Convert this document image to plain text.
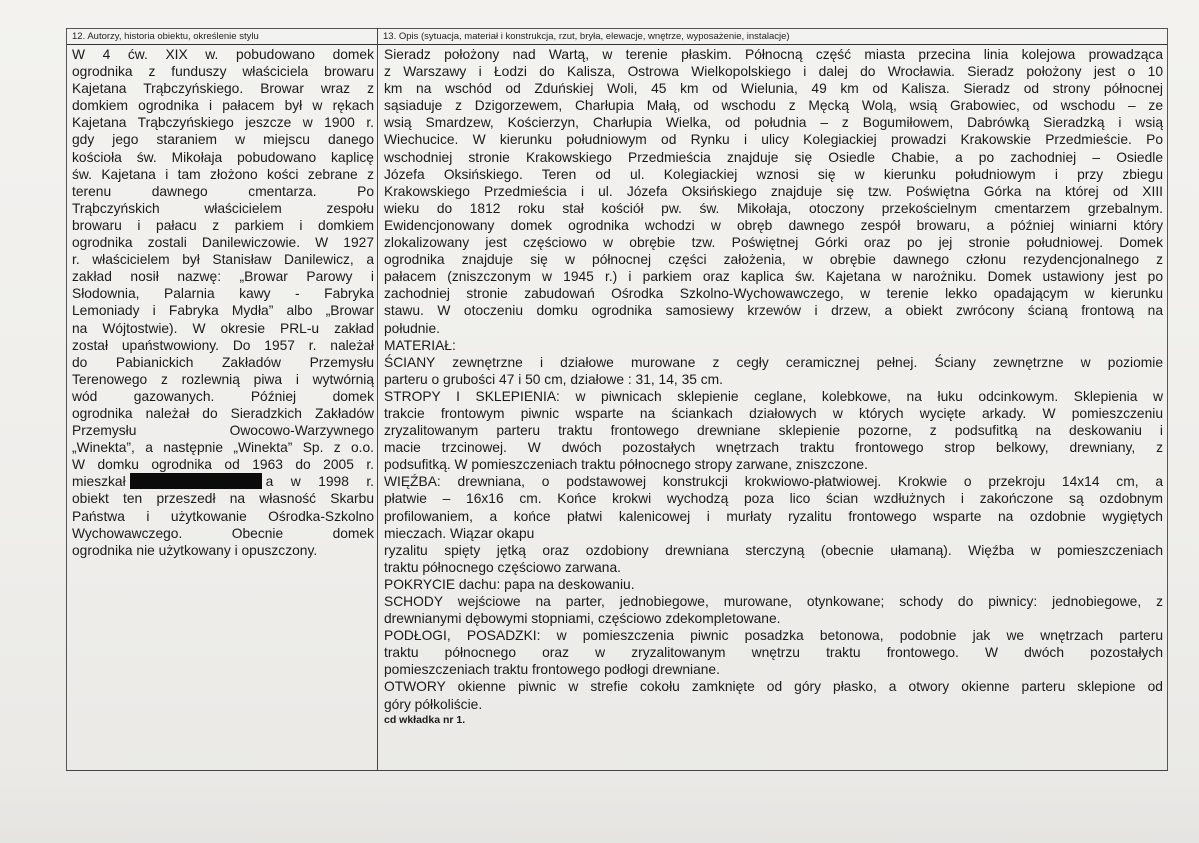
12. Autorzy, historia obiektu, określenie stylu	13. Opis (sytuacja, materiał i konstrukcja, rzut, bryła, elewacje, wnętrze, wyposażenie, instalacje)
W 4 ćw. XIX w. pobudowano domek
ogrodnika z funduszy właściciela browaru
Kajetana Trąbczyńskiego. Browar wraz z
domkiem ogrodnika i pałacem był w rękach
Kajetana Trąbczyńskiego jeszcze w 1900 r.
gdy jego staraniem w miejscu danego
kościoła św. Mikołaja pobudowano kaplicę
św. Kajetana i tam złożono kości zebrane z
terenu dawnego cmentarza. Po
Trąbczyńskich właścicielem zespołu
browaru i pałacu z parkiem i domkiem
ogrodnika zostali Danilewiczowie. W 1927
r. właścicielem był Stanisław Danilewicz, a
zakład nosił nazwę: „Browar Parowy i
Słodownia, Palarnia kawy - Fabryka
Lemoniady i Fabryka Mydła” albo „Browar
na Wójtostwie). W okresie PRL-u zakład
został upaństwowiony. Do 1957 r. należał
do Pabianickich Zakładów Przemysłu
Terenowego z rozlewnią piwa i wytwórnią
wód gazowanych. Później domek
ogrodnika należał do Sieradzkich Zakładów
Przemysłu Owocowo-Warzywnego
„Winekta”, a następnie „Winekta” Sp. z o.o.
W domku ogrodnika od 1963 do 2005 r.
mieszkał	a w 1998 r.
obiekt ten przeszedł na własność Skarbu
Państwa i użytkowanie Ośrodka-Szkolno
Wychowawczego. Obecnie domek
ogrodnika nie użytkowany i opuszczony.
Sieradz położony nad Wartą, w terenie płaskim. Północną część miasta przecina linia kolejowa prowadząca
z Warszawy i Łodzi do Kalisza, Ostrowa Wielkopolskiego i dalej do Wrocławia. Sieradz położony jest o 10
km na wschód od Zduńskiej Woli, 45 km od Wielunia, 49 km od Kalisza. Sieradz od strony północnej
sąsiaduje z Dzigorzewem, Charłupia Małą, od wschodu z Męcką Wolą, wsią Grabowiec, od wschodu – ze
wsią Smardzew, Kościerzyn, Charłupia Wielka, od południa – z Bogumiłowem, Dabrówką Sieradzką i wsią
Wiechucice. W kierunku południowym od Rynku i ulicy Kolegiackiej prowadzi Krakowskie Przedmieście. Po
wschodniej stronie Krakowskiego Przedmieścia znajduje się Osiedle Chabie, a po zachodniej – Osiedle
Józefa Oksińskiego. Teren od ul. Kolegiackiej wznosi się w kierunku południowym i przy zbiegu
Krakowskiego Przedmieścia i ul. Józefa Oksińskiego znajduje się tzw. Poświętna Górka na której od XIII
wieku do 1812 roku stał kościół pw. św. Mikołaja, otoczony przekościelnym cmentarzem grzebalnym.
Ewidencjonowany domek ogrodnika wchodzi w obręb dawnego zespół browaru, a później winiarni który
zlokalizowany jest częściowo w obrębie tzw. Poświętnej Górki oraz po jej stronie południowej. Domek
ogrodnika znajduje się w północnej części założenia, w obrębie dawnego członu rezydencjonalnego z
pałacem (zniszczonym w 1945 r.) i parkiem oraz kaplica św. Kajetana w narożniku. Domek ustawiony jest po
zachodniej stronie zabudowań Ośrodka Szkolno-Wychowawczego, w terenie lekko opadającym w kierunku
stawu. W otoczeniu domku ogrodnika samosiewy krzewów i drzew, a obiekt zwrócony ścianą frontową na
południe.
MATERIAŁ:
ŚCIANY zewnętrzne i działowe murowane z cegły ceramicznej pełnej. Ściany zewnętrzne w poziomie
parteru o grubości 47 i 50 cm, działowe : 31, 14, 35 cm.
STROPY I SKLEPIENIA: w piwnicach sklepienie ceglane, kolebkowe, na łuku odcinkowym. Sklepienia w
trakcie frontowym piwnic wsparte na ściankach działowych w których wycięte arkady. W pomieszczeniu
zryzalitowanym parteru traktu frontowego drewniane sklepienie pozorne, z podsufitką na deskowaniu i
macie trzcinowej. W dwóch pozostałych wnętrzach traktu frontowego strop belkowy, drewniany, z
podsufitką. W pomieszczeniach traktu północnego stropy zarwane, zniszczone.
WIĘŹBA: drewniana, o podstawowej konstrukcji krokwiowo-płatwiowej. Krokwie o przekroju 14x14 cm, a
płatwie – 16x16 cm. Końce krokwi wychodzą poza lico ścian wzdłużnych i zakończone są ozdobnym
profilowaniem, a końce płatwi kalenicowej i murłaty ryzalitu frontowego wsparte na ozdobnie wygiętych
mieczach. Wiązar okapu
ryzalitu spięty jętką oraz ozdobiony drewniana sterczyną (obecnie ułamaną). Więźba w pomieszczeniach
traktu północnego częściowo zarwana.
POKRYCIE dachu: papa na deskowaniu.
SCHODY wejściowe na parter, jednobiegowe, murowane, otynkowane; schody do piwnicy: jednobiegowe, z
drewnianymi dębowymi stopniami, częściowo zdekompletowane.
PODŁOGI, POSADZKI: w pomieszczenia piwnic posadzka betonowa, podobnie jak we wnętrzach parteru
traktu północnego oraz w zryzalitowanym wnętrzu traktu frontowego. W dwóch pozostałych
pomieszczeniach traktu frontowego podłogi drewniane.
OTWORY okienne piwnic w strefie cokołu zamknięte od góry płasko, a otwory okienne parteru sklepione od
góry półkoliście.
cd wkładka nr 1.
